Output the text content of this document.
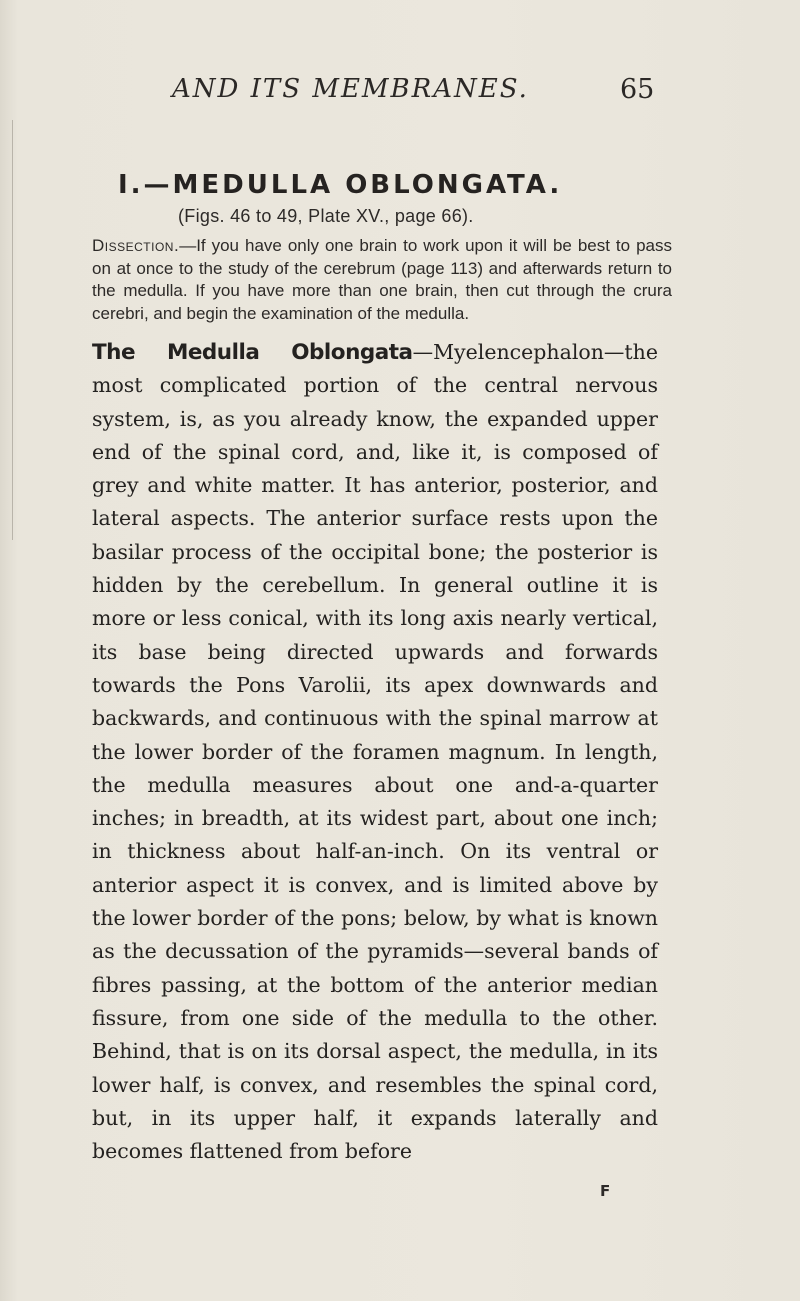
AND ITS MEMBRANES.	65
I.—MEDULLA OBLONGATA.
(Figs. 46 to 49, Plate XV., page 66).
Dissection.—If you have only one brain to work upon it will be best to pass on at once to the study of the cerebrum (page 113) and afterwards return to the medulla. If you have more than one brain, then cut through the crura cerebri, and begin the examination of the medulla.
The Medulla Oblongata—Myelencephalon—the most complicated portion of the central nervous system, is, as you already know, the expanded upper end of the spinal cord, and, like it, is composed of grey and white matter. It has anterior, posterior, and lateral aspects. The anterior surface rests upon the basilar process of the occipital bone; the posterior is hidden by the cerebellum. In general outline it is more or less conical, with its long axis nearly vertical, its base being directed upwards and forwards towards the Pons Varolii, its apex downwards and backwards, and continuous with the spinal marrow at the lower border of the foramen magnum. In length, the medulla measures about one and-a-quarter inches; in breadth, at its widest part, about one inch; in thickness about half-an-inch. On its ventral or anterior aspect it is convex, and is limited above by the lower border of the pons; below, by what is known as the decussation of the pyramids—several bands of fibres passing, at the bottom of the anterior median fissure, from one side of the medulla to the other. Behind, that is on its dorsal aspect, the medulla, in its lower half, is convex, and resembles the spinal cord, but, in its upper half, it expands laterally and becomes flattened from before
F
